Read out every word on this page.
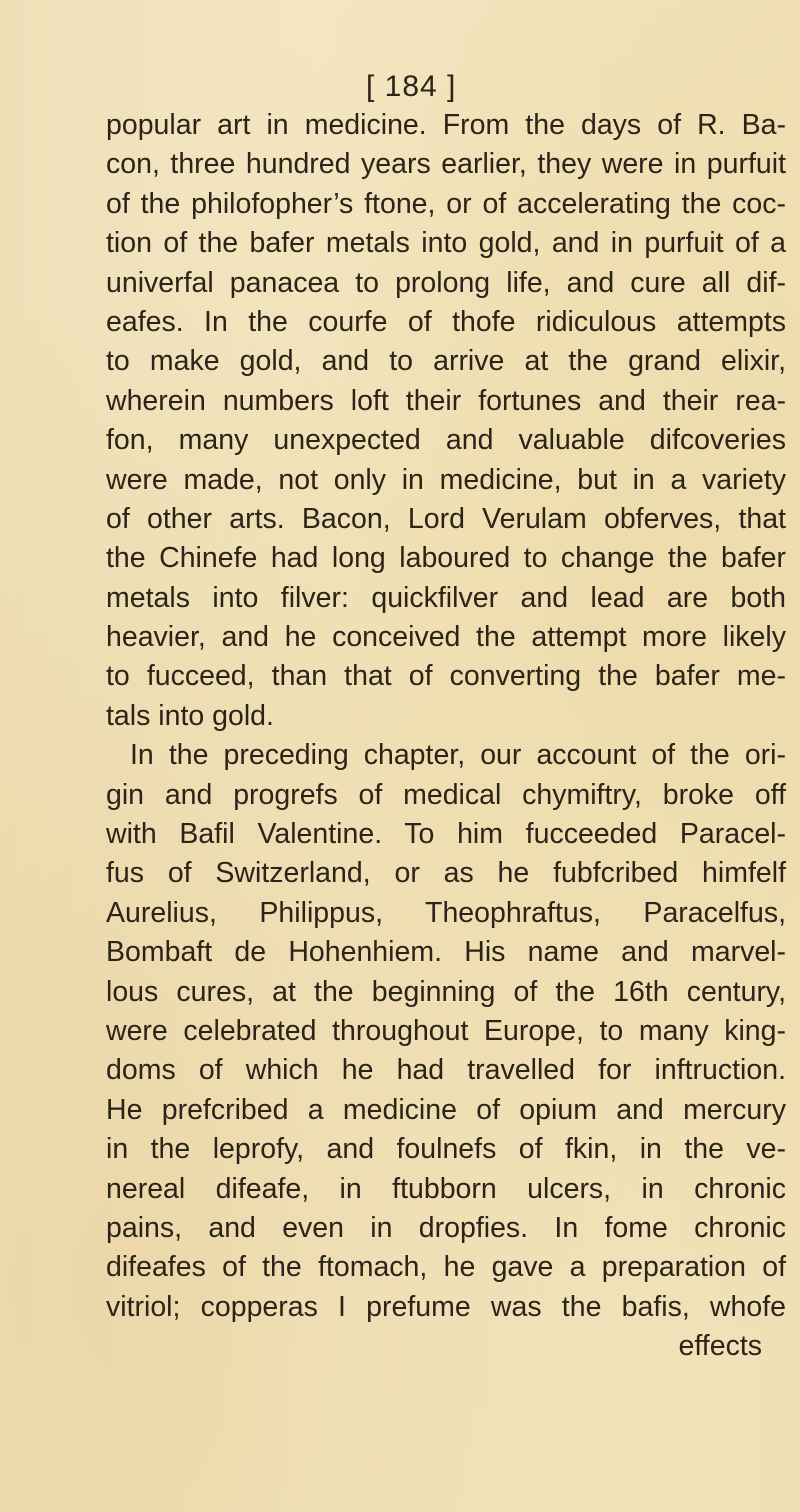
[ 184 ]
popular art in medicine. From the days of R. Ba-
con, three hundred years earlier, they were in purfuit
of the philofopher’s ftone, or of accelerating the coc-
tion of the bafer metals into gold, and in purfuit of a
univerfal panacea to prolong life, and cure all dif-
eafes. In the courfe of thofe ridiculous attempts
to make gold, and to arrive at the grand elixir,
wherein numbers loft their fortunes and their rea-
fon, many unexpected and valuable difcoveries
were made, not only in medicine, but in a variety
of other arts. Bacon, Lord Verulam obferves, that
the Chinefe had long laboured to change the bafer
metals into filver: quickfilver and lead are both
heavier, and he conceived the attempt more likely
to fucceed, than that of converting the bafer me-
tals into gold.
In the preceding chapter, our account of the ori-
gin and progrefs of medical chymiftry, broke off
with Bafil Valentine. To him fucceeded Paracel-
fus of Switzerland, or as he fubfcribed himfelf
Aurelius, Philippus, Theophraftus, Paracelfus,
Bombaft de Hohenhiem. His name and marvel-
lous cures, at the beginning of the 16th century,
were celebrated throughout Europe, to many king-
doms of which he had travelled for inftruction.
He prefcribed a medicine of opium and mercury
in the leprofy, and foulnefs of fkin, in the ve-
nereal difeafe, in ftubborn ulcers, in chronic
pains, and even in dropfies. In fome chronic
difeafes of the ftomach, he gave a preparation of
vitriol; copperas I prefume was the bafis, whofe
effects
